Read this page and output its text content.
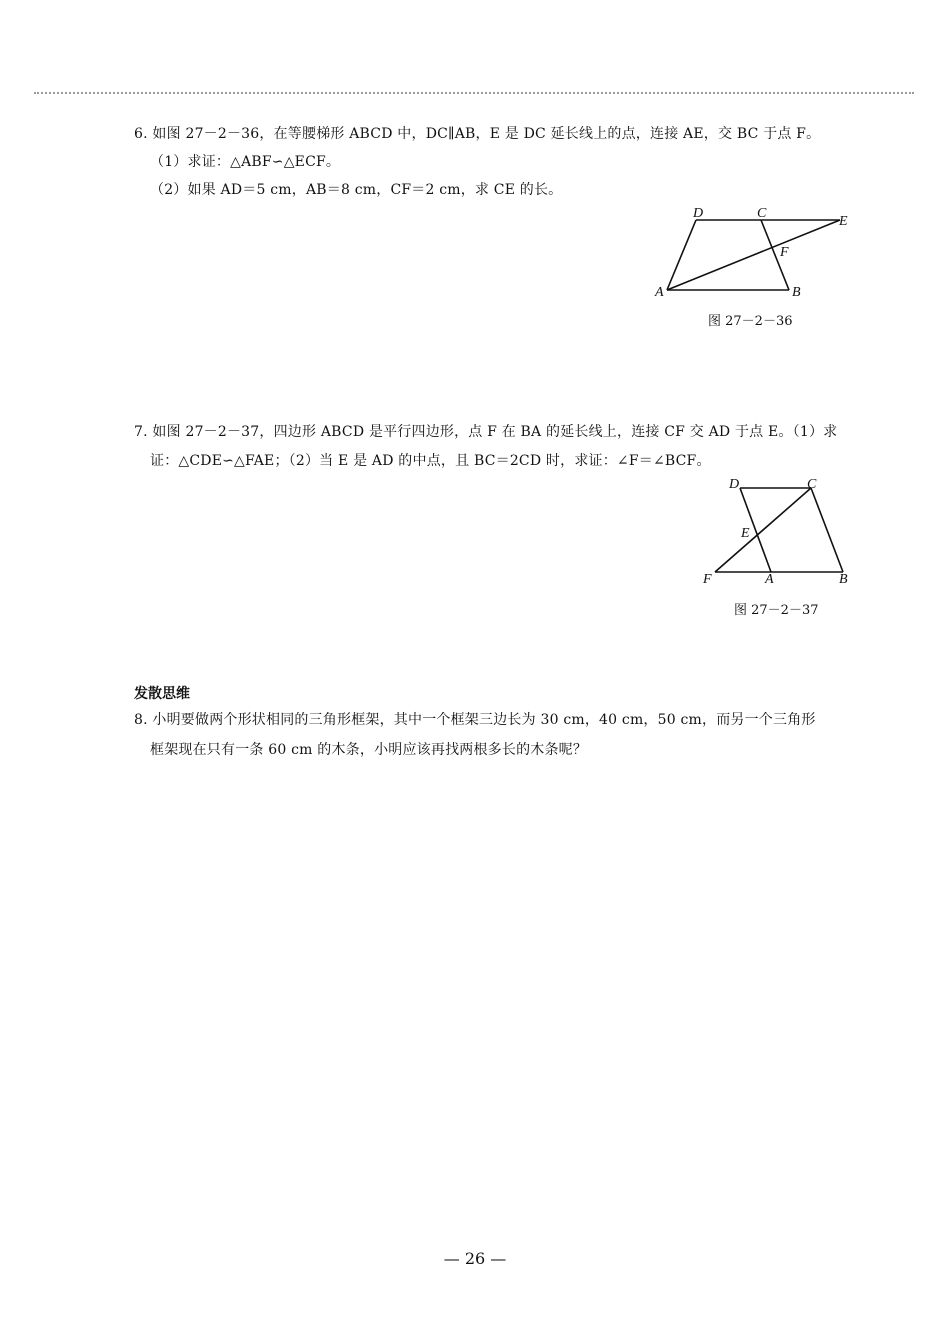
6. 如图 27－2－36，在等腰梯形 ABCD 中，DC∥AB，E 是 DC 延长线上的点，连接 AE，交 BC 于点 F。
（1）求证：△ABF∽△ECF。
（2）如果 AD＝5 cm，AB＝8 cm，CF＝2 cm，求 CE 的长。
D	C
E
F
A	B
图 27－2－36
7. 如图 27－2－37，四边形 ABCD 是平行四边形，点 F 在 BA 的延长线上，连接 CF 交 AD 于点 E。（1）求
证：△CDE∽△FAE；（2）当 E 是 AD 的中点，且 BC＝2CD 时，求证：∠F＝∠BCF。
D	C
E
F	A	B
图 27－2－37
发散思维
8. 小明要做两个形状相同的三角形框架，其中一个框架三边长为 30 cm，40 cm，50 cm，而另一个三角形
框架现在只有一条 60 cm 的木条，小明应该再找两根多长的木条呢？
— 26 —
